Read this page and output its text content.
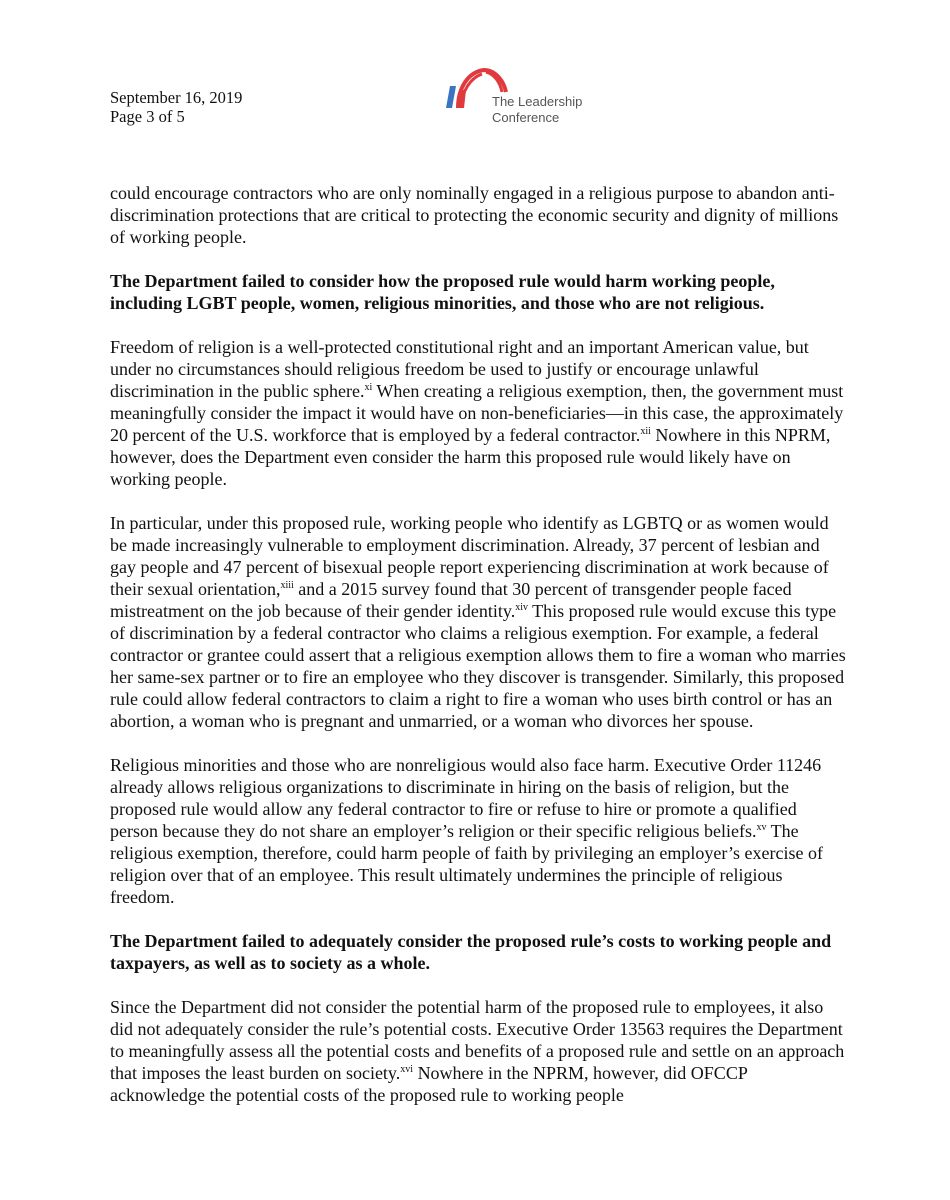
September 16, 2019
Page 3 of 5
The Leadership
Conference

could encourage contractors who are only nominally engaged in a religious purpose to abandon anti-discrimination protections that are critical to protecting the economic security and dignity of millions of working people.

The Department failed to consider how the proposed rule would harm working people, including LGBT people, women, religious minorities, and those who are not religious.

Freedom of religion is a well-protected constitutional right and an important American value, but under no circumstances should religious freedom be used to justify or encourage unlawful discrimination in the public sphere.$^{xi}$ When creating a religious exemption, then, the government must meaningfully consider the impact it would have on non-beneficiaries—in this case, the approximately 20 percent of the U.S. workforce that is employed by a federal contractor.$^{xii}$ Nowhere in this NPRM, however, does the Department even consider the harm this proposed rule would likely have on working people.

In particular, under this proposed rule, working people who identify as LGBTQ or as women would be made increasingly vulnerable to employment discrimination. Already, 37 percent of lesbian and gay people and 47 percent of bisexual people report experiencing discrimination at work because of their sexual orientation,$^{xiii}$ and a 2015 survey found that 30 percent of transgender people faced mistreatment on the job because of their gender identity.$^{xiv}$ This proposed rule would excuse this type of discrimination by a federal contractor who claims a religious exemption. For example, a federal contractor or grantee could assert that a religious exemption allows them to fire a woman who marries her same-sex partner or to fire an employee who they discover is transgender. Similarly, this proposed rule could allow federal contractors to claim a right to fire a woman who uses birth control or has an abortion, a woman who is pregnant and unmarried, or a woman who divorces her spouse.

Religious minorities and those who are nonreligious would also face harm. Executive Order 11246 already allows religious organizations to discriminate in hiring on the basis of religion, but the proposed rule would allow any federal contractor to fire or refuse to hire or promote a qualified person because they do not share an employer’s religion or their specific religious beliefs.$^{xv}$ The religious exemption, therefore, could harm people of faith by privileging an employer’s exercise of religion over that of an employee. This result ultimately undermines the principle of religious freedom.

The Department failed to adequately consider the proposed rule’s costs to working people and taxpayers, as well as to society as a whole.

Since the Department did not consider the potential harm of the proposed rule to employees, it also did not adequately consider the rule’s potential costs. Executive Order 13563 requires the Department to meaningfully assess all the potential costs and benefits of a proposed rule and settle on an approach that imposes the least burden on society.$^{xvi}$ Nowhere in the NPRM, however, did OFCCP acknowledge the potential costs of the proposed rule to working people
